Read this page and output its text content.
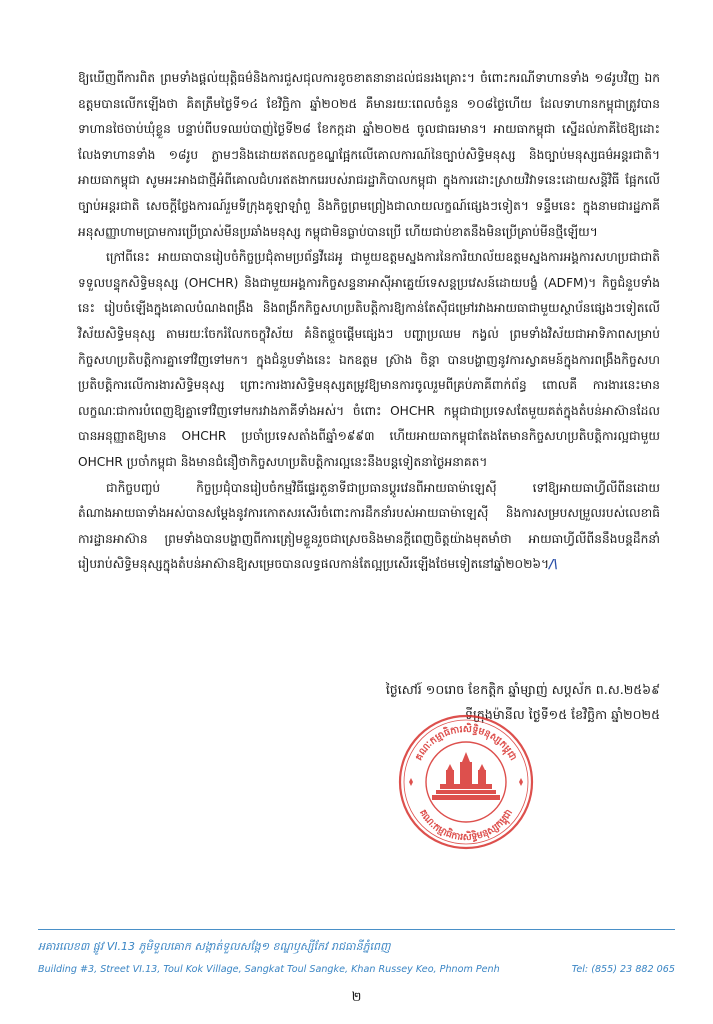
ឱ្យឃើញពីការពិត ព្រមទាំងផ្តល់យុត្តិធម៌និងការជួសជុលការខូចខាតនានាដល់ជនរងគ្រោះ។ ចំពោះករណីទាហានទាំង ១៨រូបវិញ ឯកឧត្តមបានលើកឡើងថា គិតត្រឹមថ្ងៃទី១៤ ខែវិច្ឆិកា ឆ្នាំ២០២៥ គឺមានរយៈពេលចំនួន ១០៨ថ្ងៃហើយ ដែលទាហានកម្ពុជាត្រូវបានទាហានថៃចាប់ឃុំខ្លួន បន្ទាប់ពីបទឈប់បាញ់ថ្ងៃទី២៨ ខែកក្កដា ឆ្នាំ២០២៥ ចូលជាធរមាន។ អាយធាកម្ពុជា ស្នើដល់ភាគីថៃឱ្យដោះលែងទាហានទាំង ១៨រូប ភ្លាមៗនិងដោយឥតលក្ខខណ្ឌផ្អែកលើគោលការណ៍នៃច្បាប់សិទ្ធិមនុស្ស និងច្បាប់មនុស្សធម៌អន្តរជាតិ។ អាយធាកម្ពុជា សូមអះអាងជាថ្មីអំពីគោលជំហរឥតងាករេរបស់រាជរដ្ឋាភិបាលកម្ពុជា ក្នុងការដោះស្រាយវិវាទនេះដោយសន្តិវិធី ផ្អែកលើច្បាប់អន្តរជាតិ សេចក្តីថ្លែងការណ៍រួមទីក្រុងគូឡាឡាំពួ និងកិច្ចព្រមព្រៀងជាលាយលក្ខណ៍ផ្សេងៗទៀត។ ទន្ទឹមនេះ ក្នុងនាមជារដ្ឋភាគីអនុសញ្ញាហាមប្រាមការប្រើប្រាស់មីនប្រឆាំងមនុស្ស កម្ពុជាមិនធ្លាប់បានប្រើ ហើយជាប់ខាតនឹងមិនប្រើគ្រាប់មីនថ្មីឡើយ។

ក្រៅពីនេះ អាយធាបានរៀបចំកិច្ចប្រជុំតាមប្រព័ន្ធវីដេអូ ជាមួយឧត្តមស្នងការនៃការិយាល័យឧត្តមស្នងការអង្គការសហប្រជាជាតិទទួលបន្ទុកសិទ្ធិមនុស្ស (OHCHR) និងជាមួយអង្គការកិច្ចសន្ទនាអាស៊ីអាគ្នេយ៍ទេសន្តប្រវេសន៍ដោយបង្ខំ (ADFM)។ កិច្ចជំនួបទាំងនេះ រៀបចំឡើងក្នុងគោលបំណងពង្រឹង និងពង្រីកកិច្ចសហប្រតិបត្តិការឱ្យកាន់តែស៊ីជម្រៅរវាងអាយធាជាមួយស្ថាប័នផ្សេងៗទៀតលើវិស័យសិទ្ធិមនុស្ស តាមរយៈចែករំលែកចក្ខុវិស័យ គំនិតផ្តួចផ្តើមផ្សេងៗ បញ្ហាប្រឈម កង្វល់ ព្រមទាំងវិស័យជាអាទិភាពសម្រាប់កិច្ចសហប្រតិបត្តិការគ្នាទៅវិញទៅមក។ ក្នុងជំនួបទាំងនេះ ឯកឧត្តម ស្រ៊ាង ចិន្តា បានបង្ហាញនូវការស្វាគមន៍ក្នុងការពង្រឹងកិច្ចសហប្រតិបត្តិការលើការងារសិទ្ធិមនុស្ស ព្រោះការងារសិទ្ធិមនុស្សតម្រូវឱ្យមានការចូលរួមពីគ្រប់ភាគីពាក់ព័ន្ធ ពោលគឺ ការងារនេះមានលក្ខណៈជាការបំពេញឱ្យគ្នាទៅវិញទៅមករវាងភាគីទាំងអស់។ ចំពោះ OHCHR កម្ពុជាជាប្រទេសតែមួយគត់ក្នុងតំបន់អាស៊ានដែលបានអនុញ្ញាតឱ្យមាន OHCHR ប្រចាំប្រទេសតាំងពីឆ្នាំ១៩៩៣ ហើយអាយធាកម្ពុជាតែងតែមានកិច្ចសហប្រតិបត្តិការល្អជាមួយ OHCHR ប្រចាំកម្ពុជា និងមានជំនឿថាកិច្ចសហប្រតិបត្តិការល្អនេះនឹងបន្តទៀតនាថ្ងៃអនាគត។

ជាកិច្ចបញ្ចប់ កិច្ចប្រជុំបានរៀបចំកម្មវិធីផ្ទេរតួនាទីជាប្រធានប្តូរវេនពីអាយធាម៉ាឡេស៊ី ទៅឱ្យអាយធាហ្វីលីពីនដោយតំណាងអាយធាទាំងអស់បានសម្តែងនូវការកោតសរសើរចំពោះការដឹកនាំរបស់អាយធាម៉ាឡេស៊ី និងការសម្របសម្រួលរបស់លេខាធិការដ្ឋានអាស៊ាន ព្រមទាំងបានបង្ហាញពីការត្រៀមខ្លួនរួចជាស្រេចនិងមានក្តីពេញចិត្តយ៉ាងមុតមាំថា អាយធាហ្វីលីពីននឹងបន្តដឹកនាំរៀបរាប់សិទ្ធិមនុស្សក្នុងតំបន់អាស៊ានឱ្យសម្រេចបានលទ្ធផលកាន់តែល្អប្រសើរឡើងថែមទៀតនៅឆ្នាំ២០២៦។/\

ថ្ងៃសៅរ៍ ១០រោច ខែកត្តិក ឆ្នាំម្សាញ់ សប្តស័ក ព.ស.២៥៦៩

ទីក្រុងម៉ានីល ថ្ងៃទី១៥ ខែវិច្ឆិកា ឆ្នាំ២០២៥

គណៈកម្មាធិការសិទ្ធិមនុស្សកម្ពុជា
គណៈកម្មាធិការសិទ្ធិមនុស្សកម្ពុជា

អគារលេខ៣ ផ្លូវ VI.13 ភូមិទួលគោក សង្កាត់ទួលសង្កែ១ ខណ្ឌឫស្សីកែវ រាជធានីភ្នំពេញ

Building #3, Street VI.13, Toul Kok Village, Sangkat Toul Sangke, Khan Russey Keo, Phnom Penh	Tel: (855) 23 882 065

២
